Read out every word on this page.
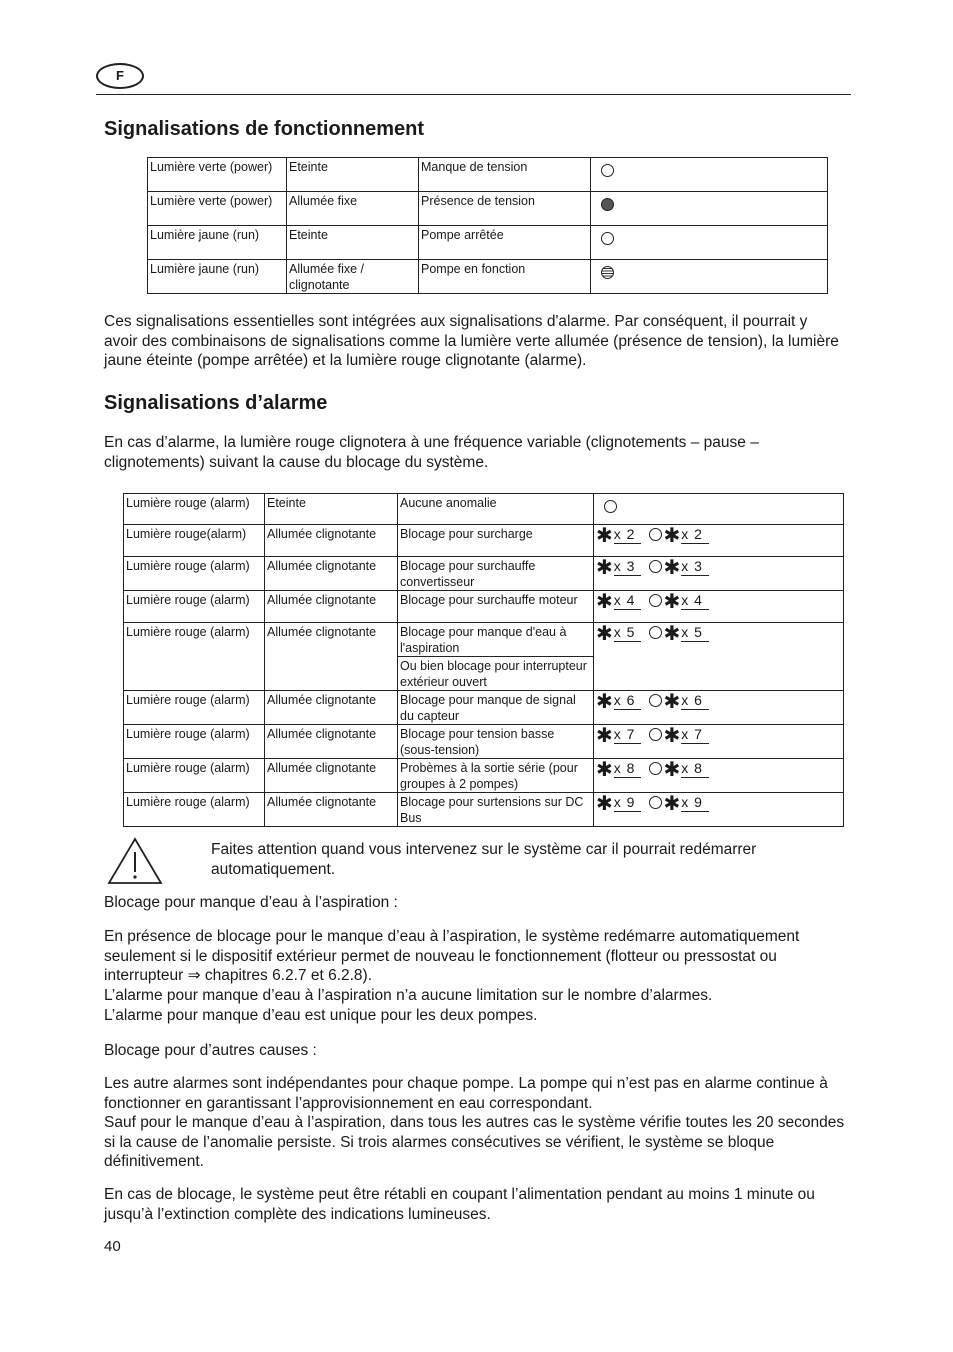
F
Signalisations de fonctionnement
Lumière verte (power)	Eteinte	Manque de tension	
Lumière verte (power)	Allumée fixe	Présence de tension	
Lumière jaune (run)	Eteinte	Pompe arrêtée	
Lumière jaune (run)	Allumée fixe / clignotante	Pompe en fonction	

Ces signalisations essentielles sont intégrées aux signalisations d'alarme. Par conséquent, il pourrait y avoir des combinaisons de signalisations comme la lumière verte allumée (présence de tension), la lumière jaune éteinte (pompe arrêtée) et la lumière rouge clignotante (alarme).

Signalisations d’alarme

En cas d’alarme, la lumière rouge clignotera à une fréquence variable (clignotements – pause – clignotements) suivant la cause du blocage du système.

Lumière rouge (alarm)	Eteinte	Aucune anomalie	
Lumière rouge(alarm)	Allumée clignotante	Blocage pour surcharge	✱ x 2 ✱ x 2

Lumière rouge (alarm)	Allumée clignotante	Blocage pour surchauffe convertisseur	✱ x 3 ✱ x 3

Lumière rouge (alarm)	Allumée clignotante	Blocage pour surchauffe moteur	✱ x 4 ✱ x 4

Lumière rouge (alarm)	Allumée clignotante	Blocage pour manque d'eau à l'aspiration	✱ x 5 ✱ x 5

		Ou bien blocage pour interrupteur extérieur ouvert	
Lumière rouge (alarm)	Allumée clignotante	Blocage pour manque de signal du capteur	✱ x 6 ✱ x 6

Lumière rouge (alarm)	Allumée clignotante	Blocage pour tension basse (sous-tension)	✱ x 7 ✱ x 7

Lumière rouge (alarm)	Allumée clignotante	Probèmes à la sortie série (pour groupes à 2 pompes)	✱ x 8 ✱ x 8

Lumière rouge (alarm)	Allumée clignotante	Blocage pour surtensions sur DC Bus	✱ x 9 ✱ x 9

Faites attention quand vous intervenez sur le système car il pourrait redémarrer automatiquement.

Blocage pour manque d’eau à l’aspiration :

En présence de blocage pour le manque d’eau à l’aspiration, le système redémarre automatiquement seulement si le dispositif extérieur permet de nouveau le fonctionnement (flotteur ou pressostat ou interrupteur ⇒ chapitres 6.2.7 et 6.2.8).

L’alarme pour manque d’eau à l’aspiration n’a aucune limitation sur le nombre d’alarmes.

L’alarme pour manque d’eau est unique pour les deux pompes.

Blocage pour d’autres causes :

Les autre alarmes sont indépendantes pour chaque pompe. La pompe qui n’est pas en alarme continue à fonctionner en garantissant l’approvisionnement en eau correspondant.

Sauf pour le manque d’eau à l’aspiration, dans tous les autres cas le système vérifie toutes les 20 secondes si la cause de l’anomalie persiste. Si trois alarmes consécutives se vérifient, le système se bloque définitivement.

En cas de blocage, le système peut être rétabli en coupant l’alimentation pendant au moins 1 minute ou jusqu’à l’extinction complète des indications lumineuses.

40
